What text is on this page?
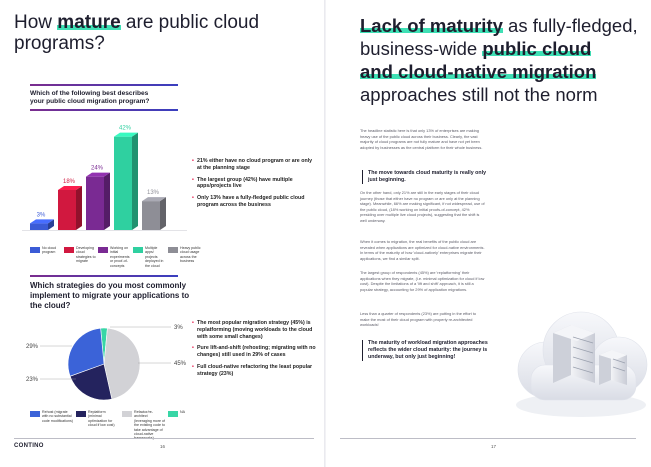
How mature are public cloud
programs?
Which of the following best describes
your public cloud migration program?
3%
18%
24%
42%
13%
• 21% either have no cloud program or are only at the planning stage
• The largest group (42%) have multiple apps/projects live
• Only 13% have a fully-fledged public cloud program across the business
No cloud program
Developing cloud strategies to migrate
Working on initial experiments or proof-of-concepts
Multiple apps/ projects deployed in the cloud
Heavy public cloud usage across the business
Which strategies do you most commonly
implement to migrate your applications to
the cloud?
29%
23%
45%
3%
• The most popular migration strategy (45%) is replatforming (moving workloads to the cloud with some small changes)
• Pure lift-and-shift (rehosting; migrating with no changes) still used in 29% of cases
• Full cloud-native refactoring the least popular strategy (23%)
Rehost (migrate with no substantial code modifications)
Replatform (minimal optimization for cloud if low cost)
Refactor/re-architect (leveraging more of the existing code to take advantage of cloud-native
NA
CONTINO	16
Lack of maturity as fully-fledged,
business-wide public cloud
and cloud-native migration
approaches still not the norm
The headline statistic here is that only 13% of enterprises are making heavy use of the public cloud across their business. Clearly, the vast majority of cloud programs are not fully mature and have not yet been adopted by businesses as the central platform for their whole business.
The move towards cloud maturity is really only just beginning.
On the other hand, only 21% are still in the early stages of their cloud journey (those that either have no program or are only at the planning stage). Meanwhile, 66% are making significant, if not widespread, use of the public cloud, (18% working on initial proofs-of-concept, 42% presiding over multiple live cloud projects), suggesting that the shift is well underway.
When it comes to migration, the real benefits of the public cloud are revealed when applications are optimized for cloud-native environments. In terms of the maturity of how 'cloud-natively' enterprises migrate their applications, we find a similar split.
The largest group of respondents (45%) are 'replatforming' their applications when they migrate, (i.e. minimal optimization for cloud if low cost). Despite the limitations of a 'lift and shift' approach, it is still a popular strategy, accounting for 29% of application migrations.
Less than a quarter of respondents (23%) are putting in the effort to make the most of their cloud program with properly re-architected workloads!
The maturity of workload migration approaches reflects the wider cloud maturity: the journey is underway, but only just beginning!
17
